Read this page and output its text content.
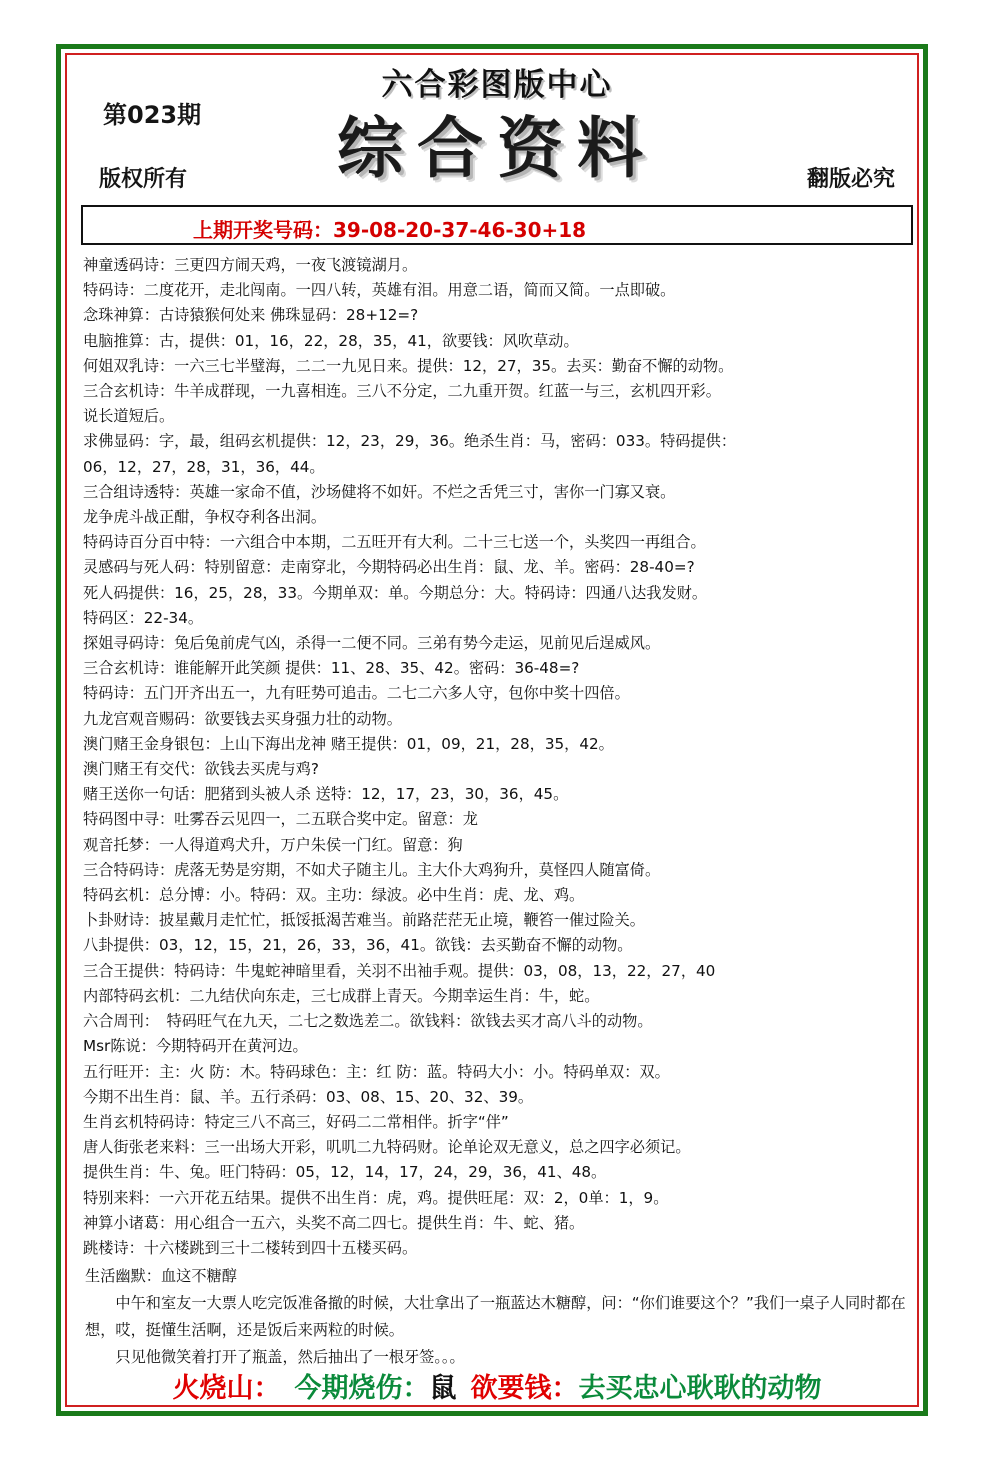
六合彩图版中心
综合资料
第023期
版权所有	翻版必究
上期开奖号码：39-08-20-37-46-30+18

神童透码诗：三更四方闹天鸡，一夜飞渡镜湖月。

特码诗：二度花开，走北闯南。一四八转，英雄有泪。用意二语，简而又简。一点即破。

念珠神算：古诗猿猴何处来 佛珠显码：28+12=?

电脑推算：古，提供：01，16，22，28，35，41，欲要钱：风吹草动。

何姐双乳诗：一六三七半璧海，二二一九见日来。提供：12，27，35。去买：勤奋不懈的动物。

三合玄机诗：牛羊成群现，一九喜相连。三八不分定，二九重开贺。红蓝一与三，玄机四开彩。

说长道短后。

求佛显码：字，最，组码玄机提供：12，23，29，36。绝杀生肖：马，密码：033。特码提供：

06，12，27，28，31，36，44。

三合组诗透特：英雄一家命不值，沙场健将不如奸。不烂之舌凭三寸，害你一门寡又衰。

龙争虎斗战正酣，争权夺利各出洞。

特码诗百分百中特：一六组合中本期，二五旺开有大利。二十三七送一个，头奖四一再组合。

灵感码与死人码：特别留意：走南穿北，今期特码必出生肖：鼠、龙、羊。密码：28-40=?

死人码提供：16，25，28，33。今期单双：单。今期总分：大。特码诗：四通八达我发财。

特码区：22-34。

探姐寻码诗：兔后兔前虎气凶，杀得一二便不同。三弟有势今走运，见前见后逞威风。

三合玄机诗：谁能解开此笑颜 提供：11、28、35、42。密码：36-48=?

特码诗：五门开齐出五一，九有旺势可追击。二七二六多人守，包你中奖十四倍。

九龙宫观音赐码：欲要钱去买身强力壮的动物。

澳门赌王金身银包：上山下海出龙神 赌王提供：01，09，21，28，35，42。

澳门赌王有交代：欲钱去买虎与鸡?

赌王送你一句话：肥猪到头被人杀 送特：12，17，23，30，36，45。

特码图中寻：吐雾吞云见四一，二五联合奖中定。留意：龙

观音托梦：一人得道鸡犬升，万户朱侯一门红。留意：狗

三合特码诗：虎落无势是穷期，不如犬子随主儿。主大仆大鸡狗升，莫怪四人随富倚。

特码玄机：总分博：小。特码：双。主功：绿波。必中生肖：虎、龙、鸡。

卜卦财诗：披星戴月走忙忙，抵馁抵渴苦难当。前路茫茫无止境，鞭笞一催过险关。

八卦提供：03，12，15，21，26，33，36，41。欲钱：去买勤奋不懈的动物。

三合王提供：特码诗：牛鬼蛇神暗里看，关羽不出袖手观。提供：03，08，13，22，27，40

内部特码玄机：二九结伏向东走，三七成群上青天。今期幸运生肖：牛，蛇。

六合周刊：　特码旺气在九天，二七之数选差二。欲钱料：欲钱去买才高八斗的动物。

Msr陈说：今期特码开在黄河边。

五行旺开：主：火 防：木。特码球色：主：红 防：蓝。特码大小：小。特码单双：双。

今期不出生肖：鼠、羊。五行杀码：03、08、15、20、32、39。

生肖玄机特码诗：特定三八不高三，好码二二常相伴。折字“伴”

唐人街张老来料：三一出场大开彩，叽叽二九特码财。论单论双无意义，总之四字必须记。

提供生肖：牛、兔。旺门特码：05，12，14，17，24，29，36，41、48。

特别来料：一六开花五结果。提供不出生肖：虎，鸡。提供旺尾：双：2，0单：1，9。

神算小诸葛：用心组合一五六，头奖不高二四七。提供生肖：牛、蛇、猪。

跳楼诗：十六楼跳到三十二楼转到四十五楼买码。

生活幽默：血这不糖醇

中午和室友一大票人吃完饭准备撤的时候，大壮拿出了一瓶蓝达木糖醇，问：“你们谁要这个？”我们一桌子人同时都在想，哎，挺懂生活啊，还是饭后来两粒的时候。

只见他微笑着打开了瓶盖，然后抽出了一根牙签。。。

火烧山： 今期烧伤： 鼠 欲要钱： 去买忠心耿耿的动物
